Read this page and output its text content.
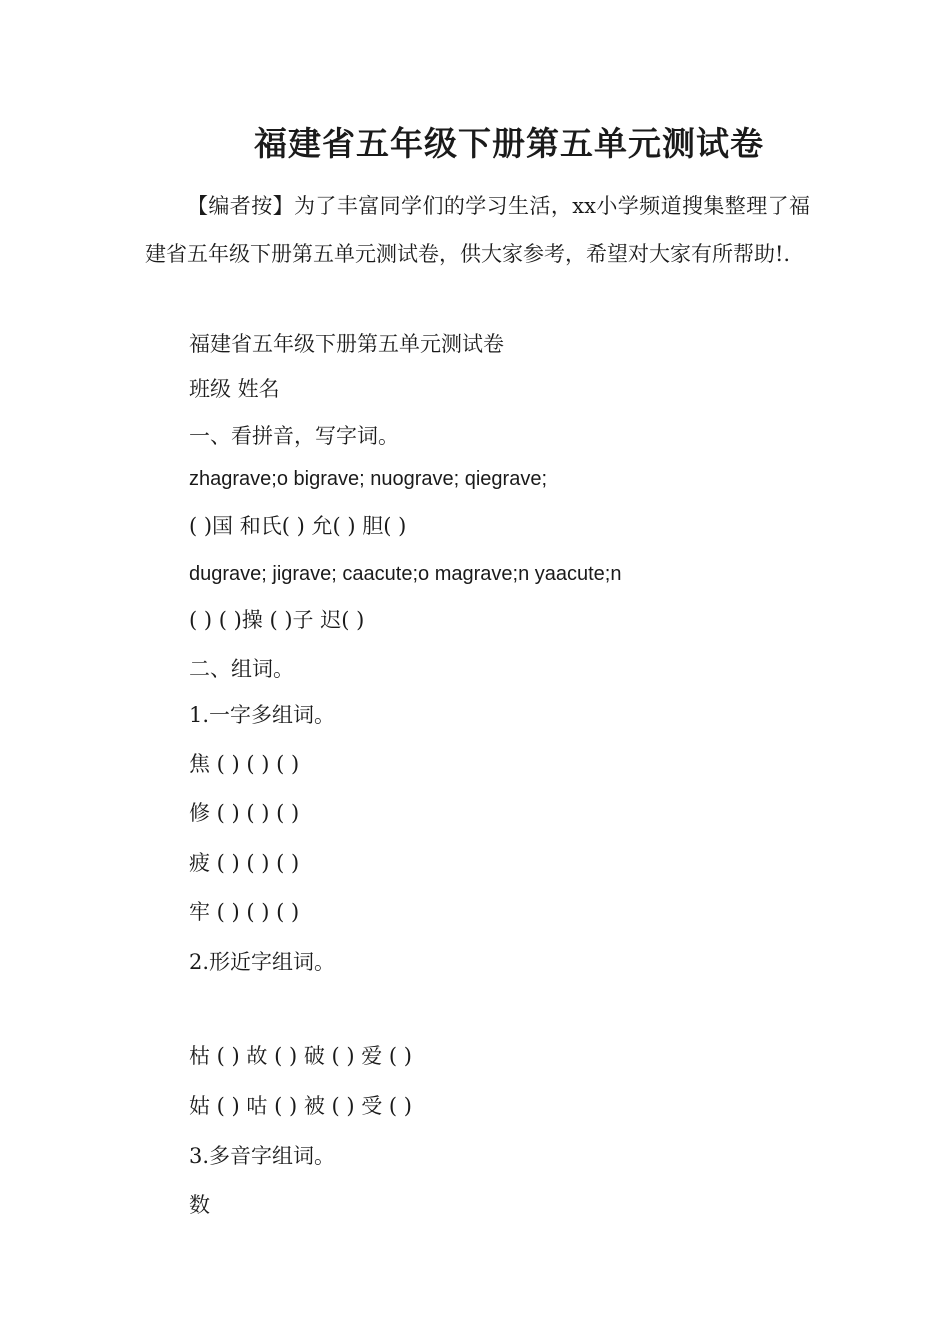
福建省五年级下册第五单元测试卷
【编者按】为了丰富同学们的学习生活，xx小学频道搜集整理了福建省五年级下册第五单元测试卷，供大家参考，希望对大家有所帮助!.
福建省五年级下册第五单元测试卷
班级 姓名
一、看拼音，写字词。
zhagrave;o bigrave; nuograve; qiegrave;
( )国 和氏( ) 允( ) 胆( )
dugrave; jigrave; caacute;o magrave;n yaacute;n
( ) ( )操 ( )子 迟( )
二、组词。
1.一字多组词。
焦 ( ) ( ) ( )
修 ( ) ( ) ( )
疲 ( ) ( ) ( )
牢 ( ) ( ) ( )
2.形近字组词。
枯 ( ) 故 ( ) 破 ( ) 爱 ( )
姑 ( ) 咕 ( ) 被 ( ) 受 ( )
3.多音字组词。
数
